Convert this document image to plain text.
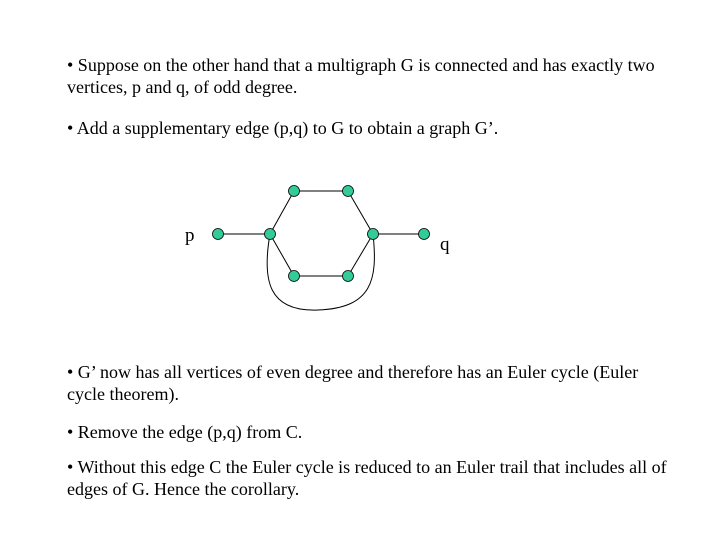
• Suppose on the other hand that a multigraph G is connected and has exactly two vertices, p and q, of odd degree.

• Add a supplementary edge (p,q) to G to obtain a graph G’.

p	q

• G’ now has all vertices of even degree and therefore has an Euler cycle (Euler cycle theorem).

• Remove the edge (p,q) from C.

• Without this edge C the Euler cycle is reduced to an Euler trail that includes all of edges of G. Hence the corollary.
